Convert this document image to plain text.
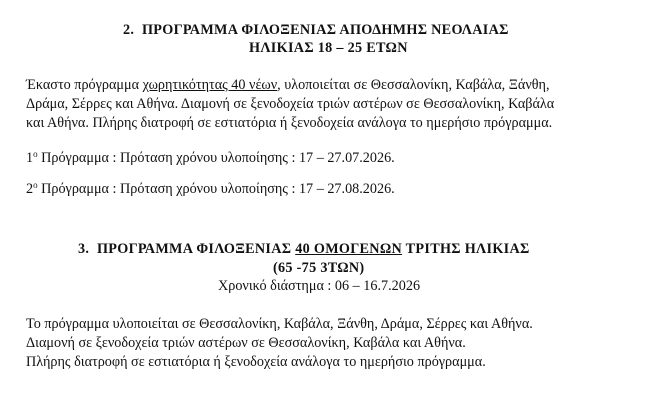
2. ΠΡΟΓΡΑΜΜΑ ΦΙΛΟΞΕΝΙΑΣ ΑΠΟΔΗΜΗΣ ΝΕΟΛΑΙΑΣ
ΗΛΙΚΙΑΣ 18 – 25 ΕΤΩΝ
Έκαστο πρόγραμμα χωρητικότητας 40 νέων, υλοποιείται σε Θεσσαλονίκη, Καβάλα, Ξάνθη,
Δράμα, Σέρρες και Αθήνα. Διαμονή σε ξενοδοχεία τριών αστέρων σε Θεσσαλονίκη, Καβάλα
και Αθήνα. Πλήρης διατροφή σε εστιατόρια ή ξενοδοχεία ανάλογα το ημερήσιο πρόγραμμα.
$1^o$ Πρόγραμμα : Πρόταση χρόνου υλοποίησης : 17 – 27.07.2026.
$2^o$ Πρόγραμμα : Πρόταση χρόνου υλοποίησης : 17 – 27.08.2026.
3. ΠΡΟΓΡΑΜΜΑ ΦΙΛΟΞΕΝΙΑΣ 40 ΟΜΟΓΕΝΩΝ ΤΡΙΤΗΣ ΗΛΙΚΙΑΣ
(65 -75 3ΤΩΝ)
Χρονικό διάστημα : 06 – 16.7.2026
Το πρόγραμμα υλοποιείται σε Θεσσαλονίκη, Καβάλα, Ξάνθη, Δράμα, Σέρρες και Αθήνα.
Διαμονή σε ξενοδοχεία τριών αστέρων σε Θεσσαλονίκη, Καβάλα και Αθήνα.
Πλήρης διατροφή σε εστιατόρια ή ξενοδοχεία ανάλογα το ημερήσιο πρόγραμμα.
